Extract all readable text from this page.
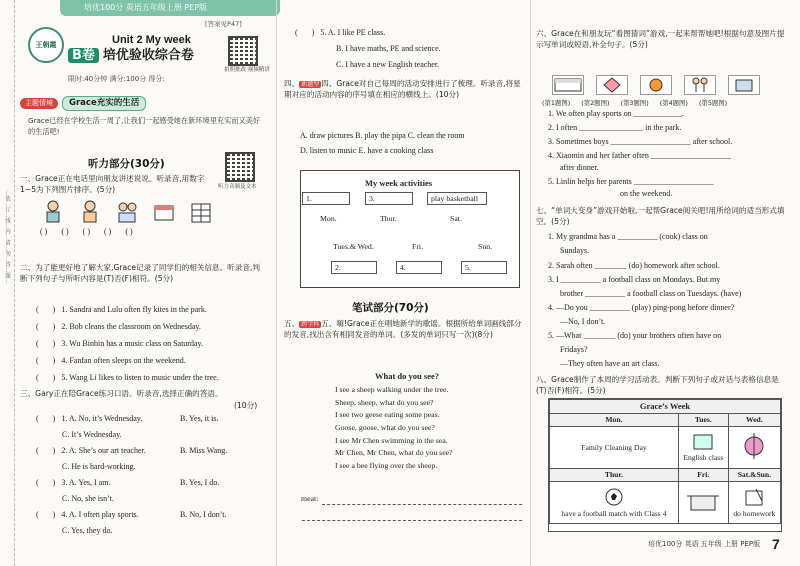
…装…订…线…内…请…勿…答…题…
培优100分 英语五年级上册 PEP版
[答案见P47]
王朝霞	Unit 2 My week
B卷 培优验收综合卷
拍照批改·视频精讲
限时:40分钟 满分:100分 得分:
主题情境	Grace充实的生活
Grace已经在学校生活一周了,让我们一起感受她在新环境里充实而又美好的生活吧!
听力部分(30分)
听力音频及文本
一、Grace正在电话里向朋友讲述说说。听录音,用数字1~5为下列图片排序。(5分)
( ) ( ) ( ) ( ) ( )
二、为了能更好地了解大家,Grace记录了同学们的相关信息。听录音,判断下列句子与所听内容是(T)否(F)相符。(5分)
( )1. Sandra and Lulu often fly kites in the park.
( )2. Bob cleans the classroom on Wednesday.
( )3. Wu Binbin has a music class on Saturday.
( )4. Fanfan often sleeps on the weekend.
( )5. Wang Li likes to listen to music under the tree.
三、Gary正在陪Grace练习口语。听录音,选择正确的答语。
(10分)
( )1. A. No, it’s Wednesday.	B. Yes, it is.
C. It’s Wednesday.
( )2. A. She’s our art teacher.	B. Miss Wang.
C. He is hard-working.
( )3. A. Yes, I am.	B. Yes, I do.
C. No, she isn’t.
( )4. A. I often play sports.	B. No, I don’t.
C. Yes, they do.
( )5. A. I like PE class.
B. I have maths, PE and science.
C. I have a new English teacher.
四、 新题型 四、Grace对自己每周的活动安排进行了梳理。听录音,将星期对应的活动内容的序号填在相应的横线上。(10分)
A. draw pictures B. play the pipa C. clean the room
D. listen to music E. have a cooking class
My week activities
1.	3.	play basketball
Mon.	Thur.	Sat.
Tues.& Wed.	Fri.	Sun.
2.	4.	5.
笔试部分(70分)
五、 跨学科 五、嗨!Grace正在唱她新学的歌谣。根据所给单词画线部分的发音,找出含有相同发音的单词。(多发的单词只写一次)(8分)
What do you see?
I see a sheep walking under the tree.
Sheep, sheep, what do you see?
I see two geese eating some peas.
Goose, goose, what do you see?
I see Mr Chen swimming in the sea.
Mr Chen, Mr Chen, what do you see?
I see a bee flying over the sheep.
meat:
六、Grace在和朋友玩“看图猜词”游戏,一起来帮帮她吧!根据句意及图片提示写单词或短语,补全句子。(5分)
(第1题图) (第2题图) (第3题图) (第4题图) (第5题图)
1. We often play sports on ____________.
2. I often ________________ in the park.
3. Sometimes boys ____________________ after school.
4. Xiaomin and her father often ____________________
after dinner.
5. Linlin helps her parents ____________________
on the weekend.
七、“单词大变身”游戏开始啦,一起帮Grace阅关吧!用所给词的适当形式填空。(5分)
1. My grandma has a __________ (cook) class on
Sundays.
2. Sarah often ________ (do) homework after school.
3. I __________ a football class on Mondays. But my
brother __________ a football class on Tuesdays. (have)
4. —Do you __________ (play) ping-pong before dinner?
—No, I don’t.
5. —What ________ (do) your brothers often have on
Fridays?
—They often have an art class.
八、Grace制作了本周的学习活动表。判断下列句子或对话与表格信息是(T)否(F)相符。(5分)
Grace’s Week		
Mon.	Tues.	Wed.
Family Cleaning Day	English class	
Thur.	Fri.	Sat.&Sun.

have a football match with Class 4		do homework
培优100分 英语 五年级 上册 PEP版 7
